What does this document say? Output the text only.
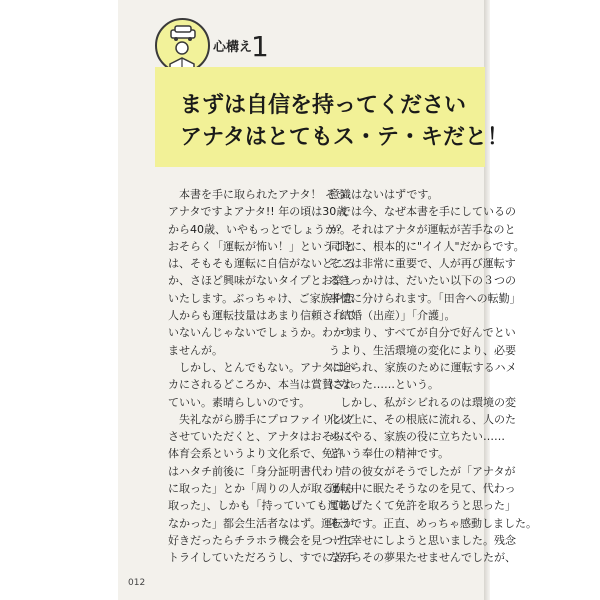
心構え
1
まずは自信を持ってください
アナタはとてもス・テ・キだと！
　本書を手に取られたアナタ！ そう、
アナタですよアナタ!! 年の頃は30歳
から40歳、いやもっとでしょうか？
おそらく「運転が怖い！」ということ
は、そもそも運転に自信がないどころ
か、さほど興味がないタイプとお察し
いたします。ぶっちゃけ、ご家族や恋
人からも運転技量はあまり信頼されて
いないんじゃないでしょうか。わかり
ませんが。
　しかし、とんでもない。アナタはバ
カにされるどころか、本当は賞賛され
ていい。素晴らしいのです。
　失礼ながら勝手にプロファイリング
させていただくと、アナタはおそらく
体育会系というより文化系で、免許
はハタチ前後に「身分証明書代わり
に取った」とか「周りの人が取るから
取った」、しかも「持っていても運転し
なかった」都会生活者なはず。運転が
好きだったらチラホラ機会を見つけて
トライしていただろうし、すでに苦手
意識はないはずです。
　では今、なぜ本書を手にしているの
か。それはアナタが運転が苦手なのと
同時に、根本的に"イイ人"だからです。
そこは非常に重要で、人が再び運転す
るきっかけは、だいたい以下の３つの
事情に分けられます。「田舎への転勤」
「結婚（出産）」「介護」。
　つまり、すべてが自分で好んでとい
うより、生活環境の変化により、必要
に迫られ、家族のために運転するハメ
になった……という。
　しかし、私がシビれるのは環境の変
化以上に、その根底に流れる、人のた
めにやる、家族の役に立ちたい……
という奉仕の精神です。
　昔の彼女がそうでしたが「アナタが
運転中に眠たそうなのを見て、代わっ
てあげたくて免許を取ろうと思った」
そうです。正直、めっちゃ感動しました。
一生幸せにしようと思いました。残念
ながらその夢果たせませんでしたが、
012
